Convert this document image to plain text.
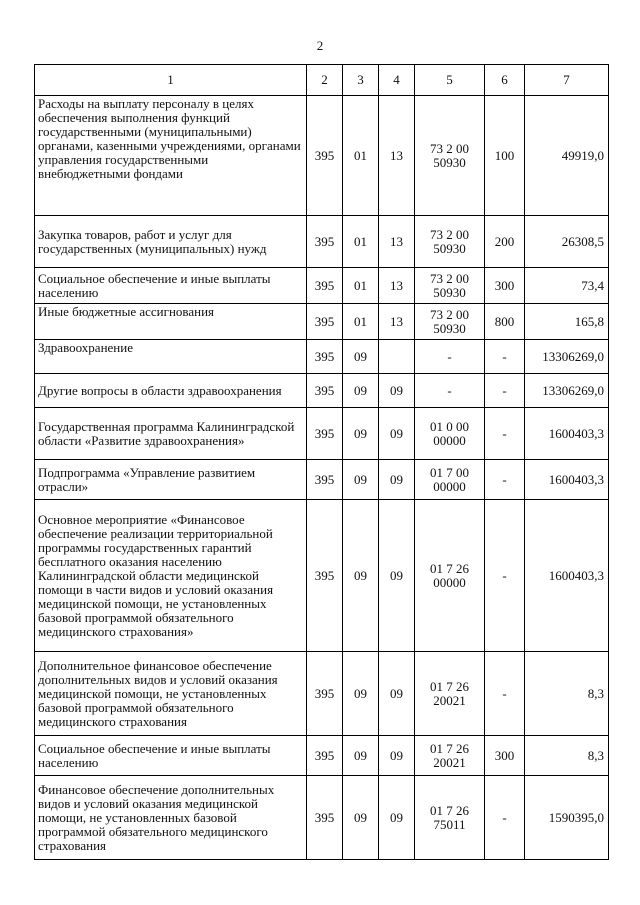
2
1	2	3	4	5	6	7

Расходы на выплату персоналу в целях обеспечения выполнения функций государственными (муниципальными) органами, казенными учреждениями, органами управления государственными внебюджетными фондами	395	01	13	73 2 00 50930	100	49919,0

Закупка товаров, работ и услуг для государственных (муниципальных) нужд	395	01	13	73 2 00 50930	200	26308,5

Социальное обеспечение и иные выплаты населению	395	01	13	73 2 00 50930	300	73,4

Иные бюджетные ассигнования	395	01	13	73 2 00 50930	800	165,8

Здравоохранение	395	09		-	-	13306269,0

Другие вопросы в области здравоохранения	395	09	09	-	-	13306269,0

Государственная программа Калининградской области «Развитие здравоохранения»	395	09	09	01 0 00 00000	-	1600403,3

Подпрограмма «Управление развитием отрасли»	395	09	09	01 7 00 00000	-	1600403,3

Основное мероприятие «Финансовое обеспечение реализации территориальной программы государственных гарантий бесплатного оказания населению Калининградской области медицинской помощи в части видов и условий оказания медицинской помощи, не установленных базовой программой обязательного медицинского страхования»	395	09	09	01 7 26 00000	-	1600403,3

Дополнительное финансовое обеспечение дополнительных видов и условий оказания медицинской помощи, не установленных базовой программой обязательного медицинского страхования	395	09	09	01 7 26 20021	-	8,3

Социальное обеспечение и иные выплаты населению	395	09	09	01 7 26 20021	300	8,3

Финансовое обеспечение дополнительных видов и условий оказания медицинской помощи, не установленных базовой программой обязательного медицинского страхования	395	09	09	01 7 26 75011	-	1590395,0
